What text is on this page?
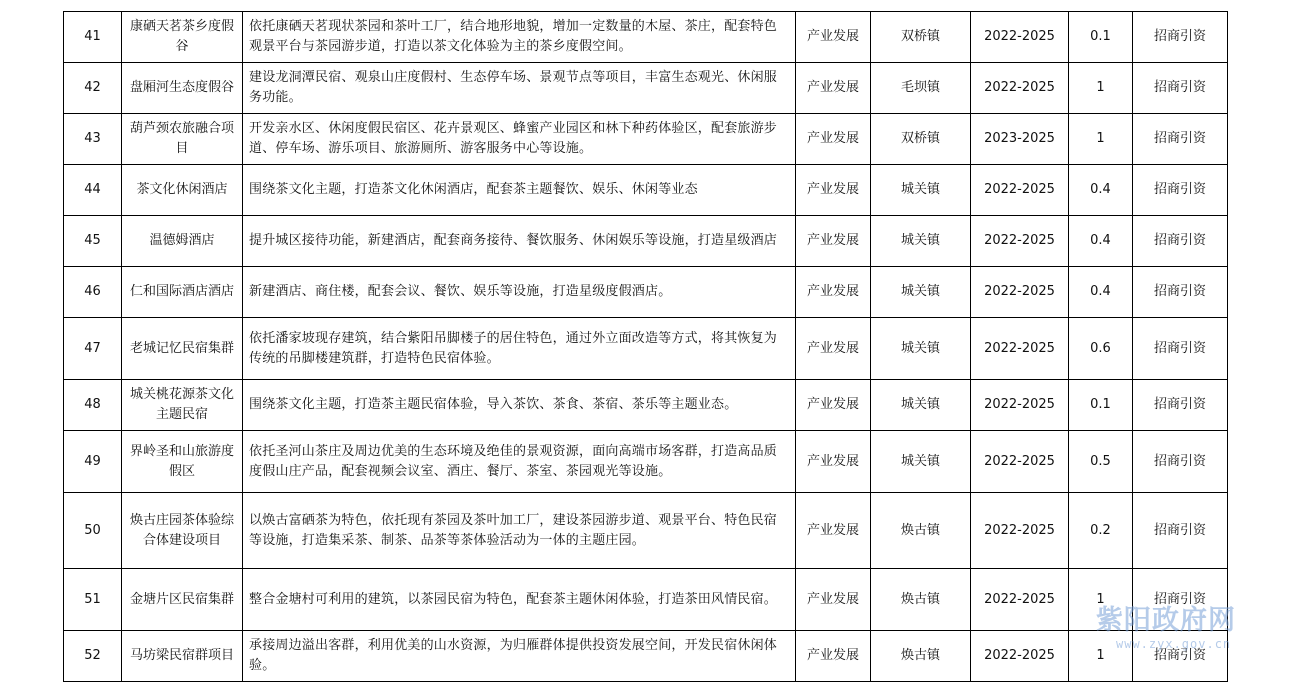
41	康硒天茗茶乡度假谷	依托康硒天茗现状茶园和茶叶工厂，结合地形地貌，增加一定数量的木屋、茶庄，配套特色观景平台与茶园游步道，打造以茶文化体验为主的茶乡度假空间。	产业发展	双桥镇	2022-2025	0.1	招商引资
42	盘厢河生态度假谷	建设龙洞潭民宿、观泉山庄度假村、生态停车场、景观节点等项目，丰富生态观光、休闲服务功能。	产业发展	毛坝镇	2022-2025	1	招商引资
43	葫芦颈农旅融合项目	开发亲水区、休闲度假民宿区、花卉景观区、蜂蜜产业园区和林下种药体验区，配套旅游步道、停车场、游乐项目、旅游厕所、游客服务中心等设施。	产业发展	双桥镇	2023-2025	1	招商引资
44	茶文化休闲酒店	围绕茶文化主题，打造茶文化休闲酒店，配套茶主题餐饮、娱乐、休闲等业态	产业发展	城关镇	2022-2025	0.4	招商引资
45	温德姆酒店	提升城区接待功能，新建酒店，配套商务接待、餐饮服务、休闲娱乐等设施，打造星级酒店	产业发展	城关镇	2022-2025	0.4	招商引资
46	仁和国际酒店酒店	新建酒店、商住楼，配套会议、餐饮、娱乐等设施，打造星级度假酒店。	产业发展	城关镇	2022-2025	0.4	招商引资
47	老城记忆民宿集群	依托潘家坡现存建筑，结合紫阳吊脚楼子的居住特色，通过外立面改造等方式，将其恢复为传统的吊脚楼建筑群，打造特色民宿体验。	产业发展	城关镇	2022-2025	0.6	招商引资
48	城关桃花源茶文化主题民宿	围绕茶文化主题，打造茶主题民宿体验，导入茶饮、茶食、茶宿、茶乐等主题业态。	产业发展	城关镇	2022-2025	0.1	招商引资
49	界岭圣和山旅游度假区	依托圣河山茶庄及周边优美的生态环境及绝佳的景观资源，面向高端市场客群，打造高品质度假山庄产品，配套视频会议室、酒庄、餐厅、茶室、茶园观光等设施。	产业发展	城关镇	2022-2025	0.5	招商引资
50	焕古庄园茶体验综合体建设项目	以焕古富硒茶为特色，依托现有茶园及茶叶加工厂，建设茶园游步道、观景平台、特色民宿等设施，打造集采茶、制茶、品茶等茶体验活动为一体的主题庄园。	产业发展	焕古镇	2022-2025	0.2	招商引资
51	金塘片区民宿集群	整合金塘村可利用的建筑，以茶园民宿为特色，配套茶主题休闲体验，打造茶田风情民宿。	产业发展	焕古镇	2022-2025	1	招商引资
52	马坊梁民宿群项目	承接周边溢出客群，利用优美的山水资源，为归雁群体提供投资发展空间，开发民宿休闲体验。	产业发展	焕古镇	2022-2025	1	招商引资
紫阳政府网
www.zyx.gov.cn
